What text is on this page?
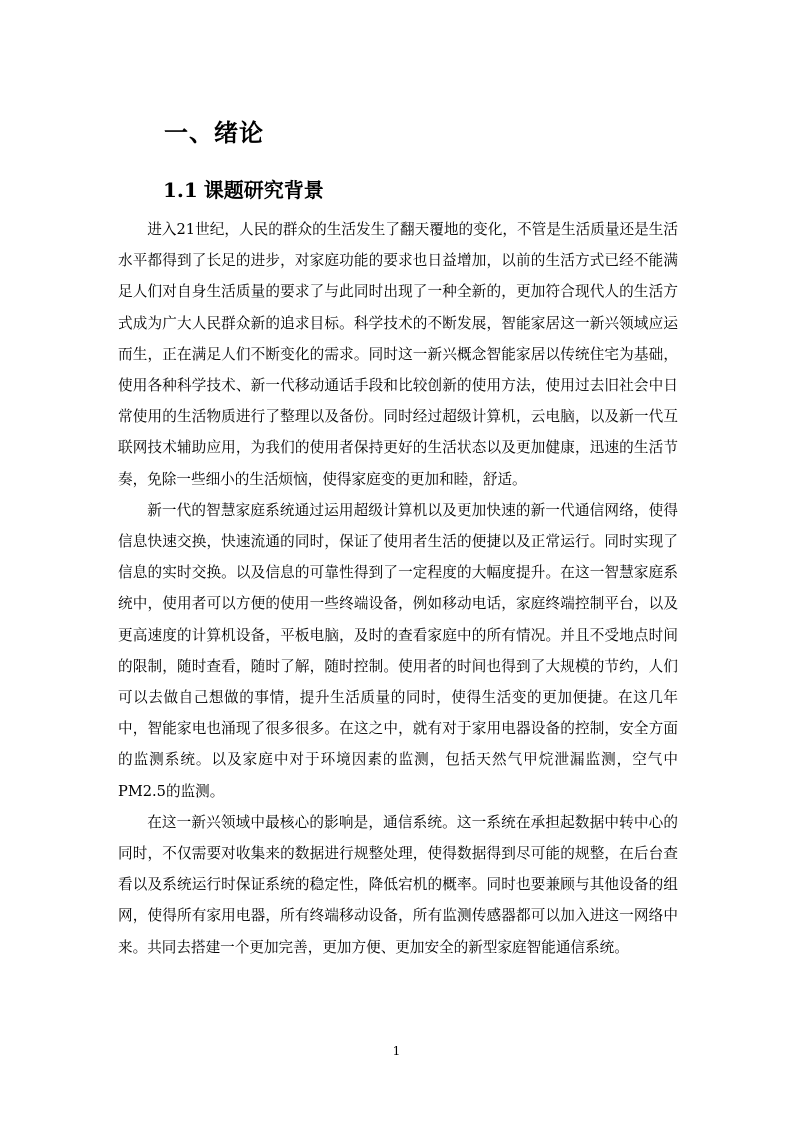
一、绪论
1.1 课题研究背景

进入21世纪，人民的群众的生活发生了翻天覆地的变化，不管是生活质量还是生活水平都得到了长足的进步，对家庭功能的要求也日益增加，以前的生活方式已经不能满足人们对自身生活质量的要求了与此同时出现了一种全新的，更加符合现代人的生活方式成为广大人民群众新的追求目标。科学技术的不断发展，智能家居这一新兴领域应运而生，正在满足人们不断变化的需求。同时这一新兴概念智能家居以传统住宅为基础，使用各种科学技术、新一代移动通话手段和比较创新的使用方法，使用过去旧社会中日常使用的生活物质进行了整理以及备份。同时经过超级计算机，云电脑，以及新一代互联网技术辅助应用，为我们的使用者保持更好的生活状态以及更加健康，迅速的生活节奏，免除一些细小的生活烦恼，使得家庭变的更加和睦，舒适。

新一代的智慧家庭系统通过运用超级计算机以及更加快速的新一代通信网络，使得信息快速交换，快速流通的同时，保证了使用者生活的便捷以及正常运行。同时实现了信息的实时交换。以及信息的可靠性得到了一定程度的大幅度提升。在这一智慧家庭系统中，使用者可以方便的使用一些终端设备，例如移动电话，家庭终端控制平台，以及更高速度的计算机设备，平板电脑，及时的查看家庭中的所有情况。并且不受地点时间的限制，随时查看，随时了解，随时控制。使用者的时间也得到了大规模的节约，人们可以去做自己想做的事情，提升生活质量的同时，使得生活变的更加便捷。在这几年中，智能家电也涌现了很多很多。在这之中，就有对于家用电器设备的控制，安全方面的监测系统。以及家庭中对于环境因素的监测，包括天然气甲烷泄漏监测，空气中PM2.5的监测。

在这一新兴领域中最核心的影响是，通信系统。这一系统在承担起数据中转中心的同时，不仅需要对收集来的数据进行规整处理，使得数据得到尽可能的规整，在后台查看以及系统运行时保证系统的稳定性，降低宕机的概率。同时也要兼顾与其他设备的组网，使得所有家用电器，所有终端移动设备，所有监测传感器都可以加入进这一网络中来。共同去搭建一个更加完善，更加方便、更加安全的新型家庭智能通信系统。

1
